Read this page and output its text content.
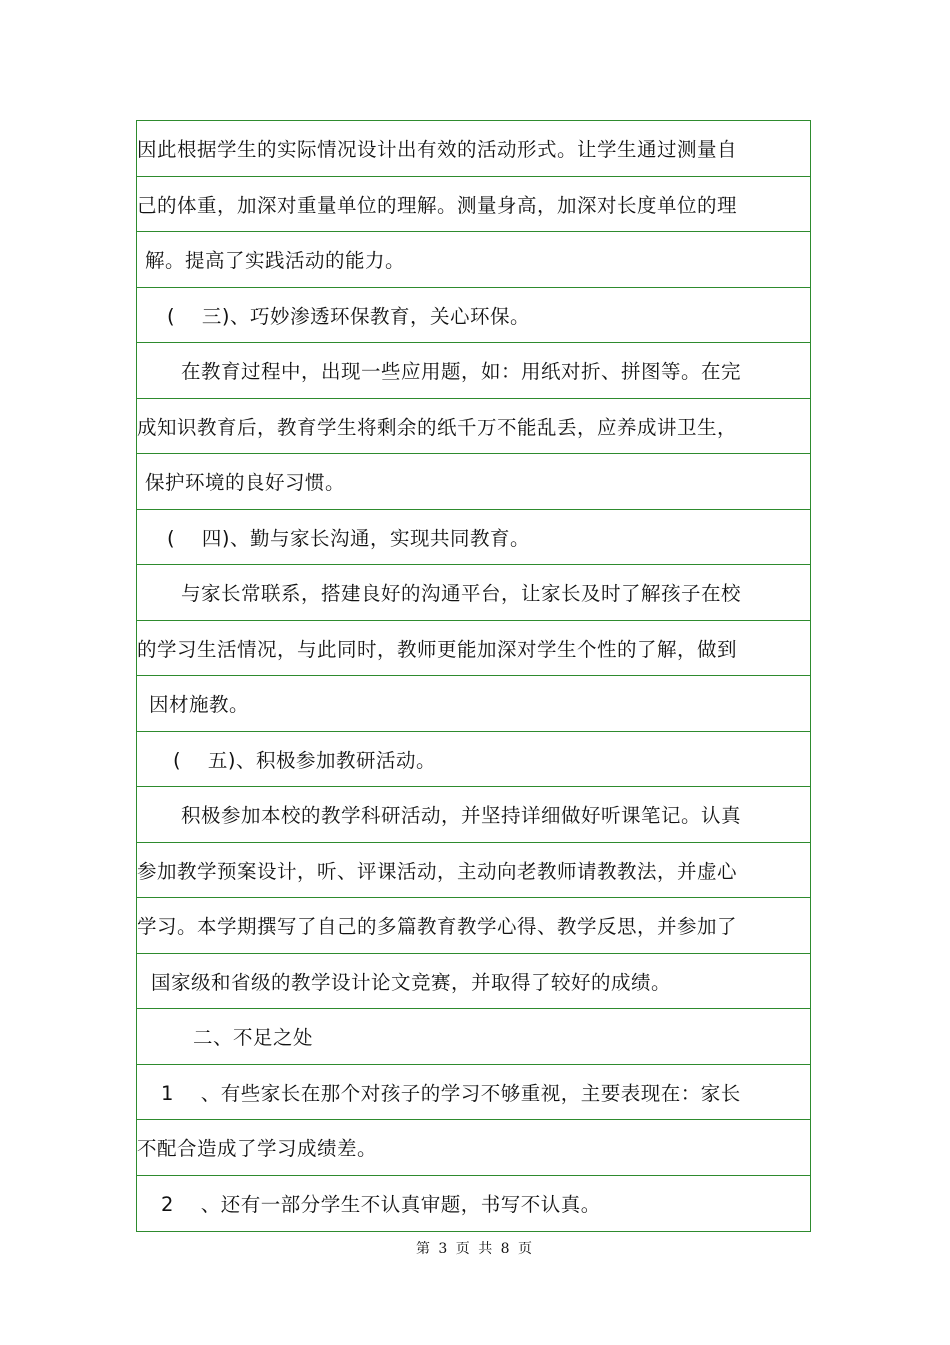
因此根据学生的实际情况设计出有效的活动形式。让学生通过测量自
己的体重，加深对重量单位的理解。测量身高，加深对长度单位的理
解。提高了实践活动的能力。
(    三)、巧妙渗透环保教育，关心环保。
在教育过程中，出现一些应用题，如：用纸对折、拼图等。在完
成知识教育后，教育学生将剩余的纸千万不能乱丢，应养成讲卫生，
保护环境的良好习惯。
(    四)、勤与家长沟通，实现共同教育。
与家长常联系，搭建良好的沟通平台，让家长及时了解孩子在校
的学习生活情况，与此同时，教师更能加深对学生个性的了解，做到
因材施教。
(    五)、积极参加教研活动。
积极参加本校的教学科研活动，并坚持详细做好听课笔记。认真
参加教学预案设计，听、评课活动，主动向老教师请教教法，并虚心
学习。本学期撰写了自己的多篇教育教学心得、教学反思，并参加了
国家级和省级的教学设计论文竞赛，并取得了较好的成绩。
二、不足之处
1    、有些家长在那个对孩子的学习不够重视，主要表现在：家长
不配合造成了学习成绩差。
2    、还有一部分学生不认真审题，书写不认真。
第 3 页 共 8 页
